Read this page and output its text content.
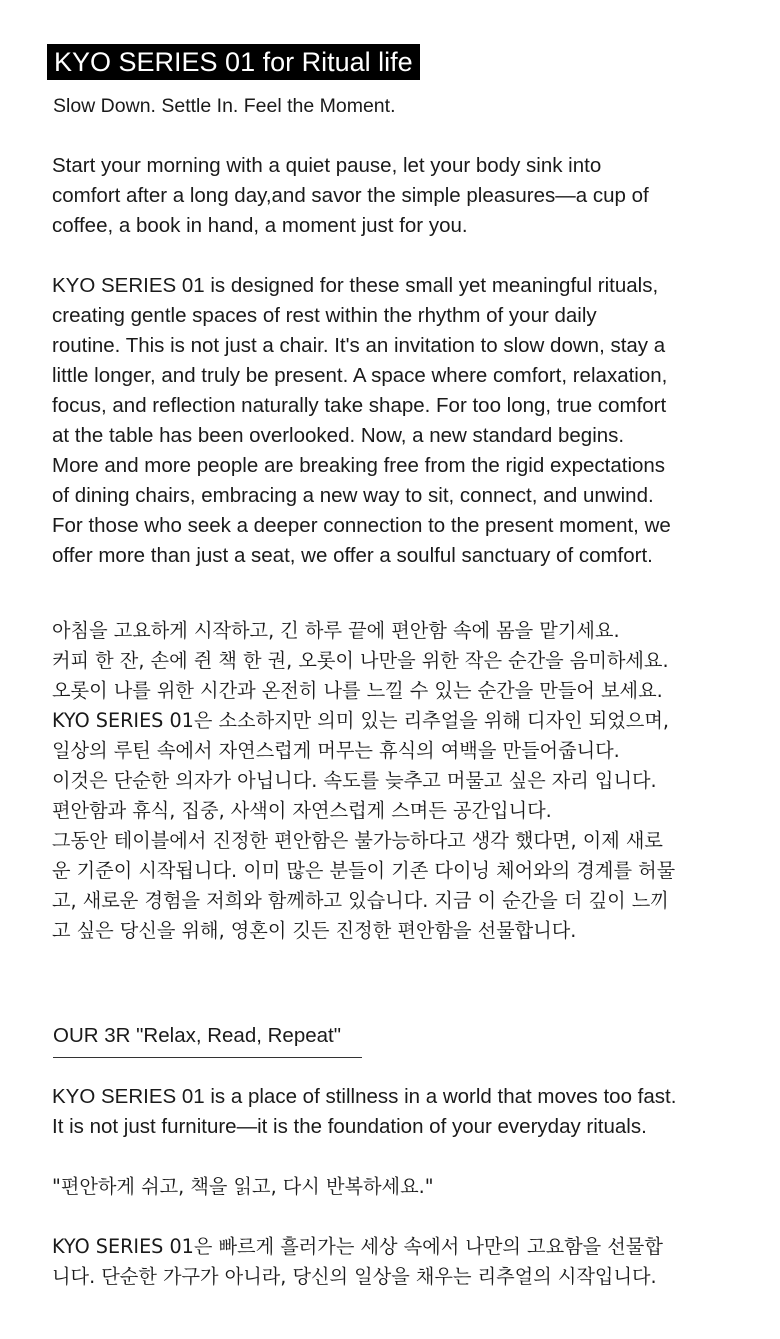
KYO SERIES 01 for Ritual life
Slow Down. Settle In. Feel the Moment.
Start your morning with a quiet pause, let your body sink into
comfort after a long day,and savor the simple pleasures—a cup of
coffee, a book in hand, a moment just for you.
KYO SERIES 01 is designed for these small yet meaningful rituals,
creating gentle spaces of rest within the rhythm of your daily
routine. This is not just a chair. It's an invitation to slow down, stay a
little longer, and truly be present. A space where comfort, relaxation,
focus, and reflection naturally take shape. For too long, true comfort
at the table has been overlooked. Now, a new standard begins.
More and more people are breaking free from the rigid expectations
of dining chairs, embracing a new way to sit, connect, and unwind.
For those who seek a deeper connection to the present moment, we
offer more than just a seat, we offer a soulful sanctuary of comfort.
아침을 고요하게 시작하고, 긴 하루 끝에 편안함 속에 몸을 맡기세요.
커피 한 잔, 손에 쥔 책 한 권, 오롯이 나만을 위한 작은 순간을 음미하세요.
오롯이 나를 위한 시간과 온전히 나를 느낄 수 있는 순간을 만들어 보세요.
KYO SERIES 01은 소소하지만 의미 있는 리추얼을 위해 디자인 되었으며,
일상의 루틴 속에서 자연스럽게 머무는 휴식의 여백을 만들어줍니다.
이것은 단순한 의자가 아닙니다. 속도를 늦추고 머물고 싶은 자리 입니다.
편안함과 휴식, 집중, 사색이 자연스럽게 스며든 공간입니다.
그동안 테이블에서 진정한 편안함은 불가능하다고 생각 했다면, 이제 새로
운 기준이 시작됩니다. 이미 많은 분들이 기존 다이닝 체어와의 경계를 허물
고, 새로운 경험을 저희와 함께하고 있습니다. 지금 이 순간을 더 깊이 느끼
고 싶은 당신을 위해, 영혼이 깃든 진정한 편안함을 선물합니다.
OUR 3R "Relax, Read, Repeat"
KYO SERIES 01 is a place of stillness in a world that moves too fast.
It is not just furniture—it is the foundation of your everyday rituals.
"편안하게 쉬고, 책을 읽고, 다시 반복하세요."
KYO SERIES 01은 빠르게 흘러가는 세상 속에서 나만의 고요함을 선물합
니다. 단순한 가구가 아니라, 당신의 일상을 채우는 리추얼의 시작입니다.
